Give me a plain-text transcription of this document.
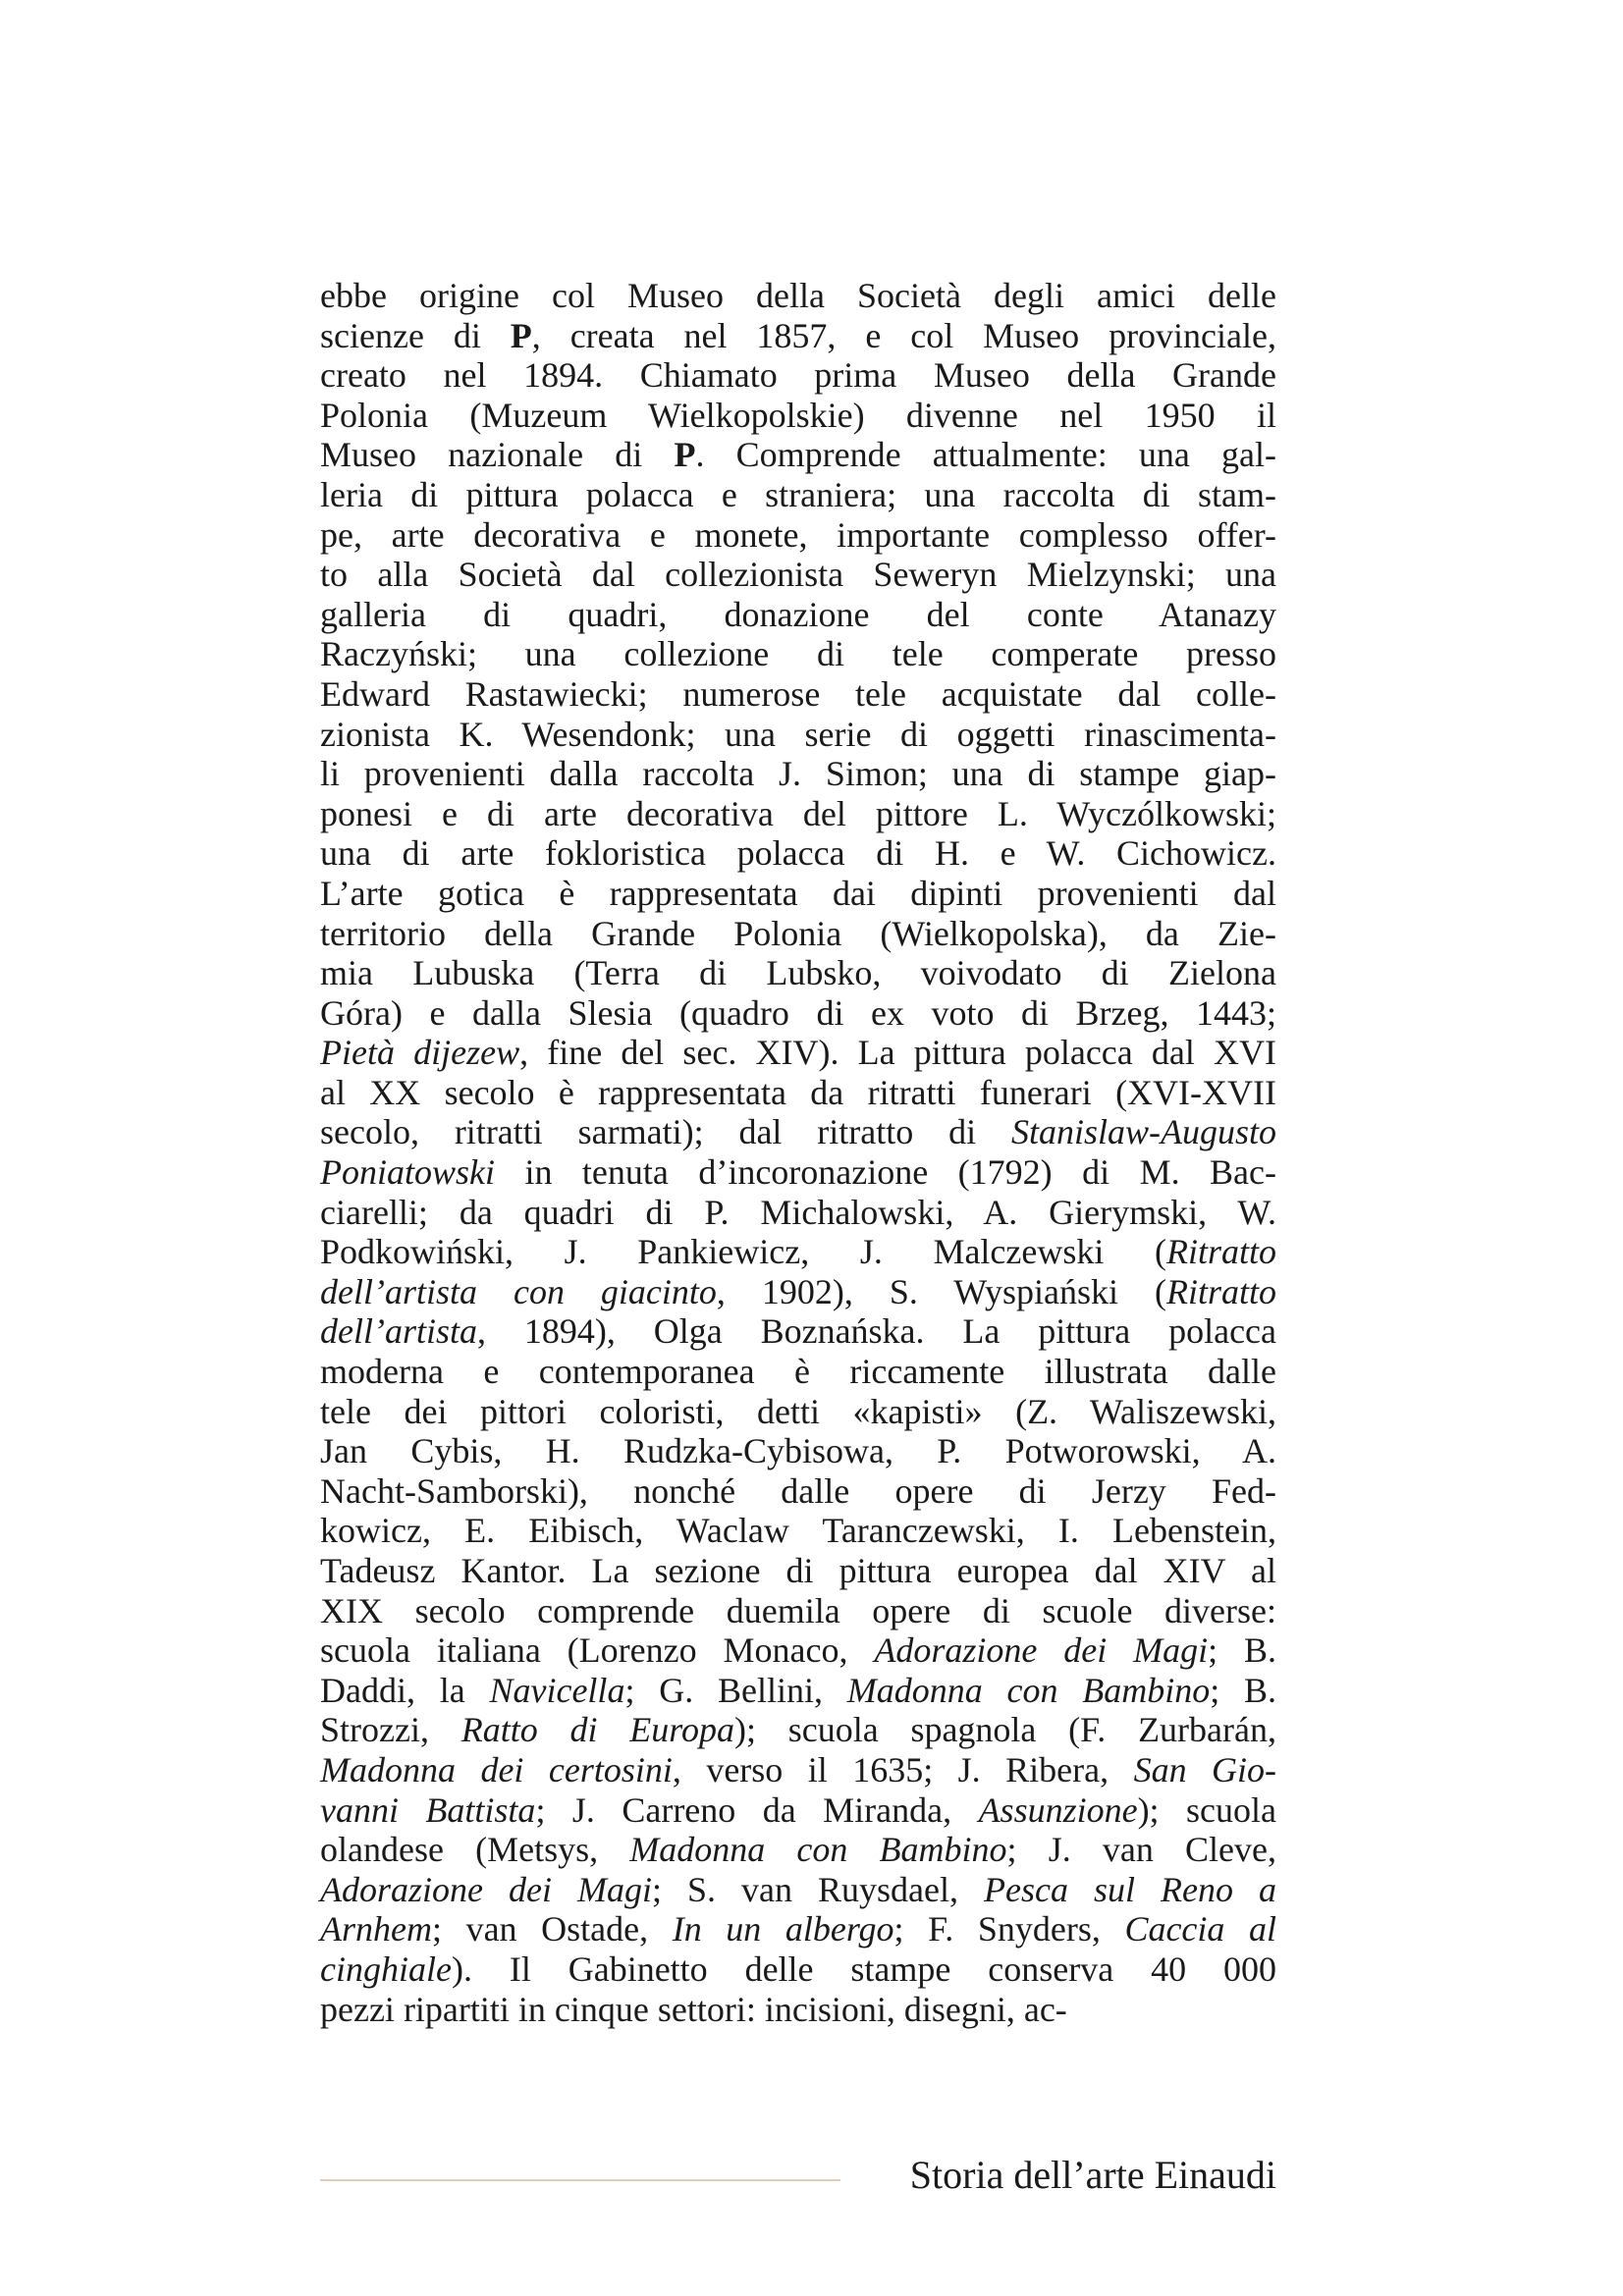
ebbe origine col Museo della Società degli amici delle
scienze di P, creata nel 1857, e col Museo provinciale,
creato nel 1894. Chiamato prima Museo della Grande
Polonia (Muzeum Wielkopolskie) divenne nel 1950 il
Museo nazionale di P. Comprende attualmente: una gal-
leria di pittura polacca e straniera; una raccolta di stam-
pe, arte decorativa e monete, importante complesso offer-
to alla Società dal collezionista Seweryn Mielzynski; una
galleria di quadri, donazione del conte Atanazy
Raczyński; una collezione di tele comperate presso
Edward Rastawiecki; numerose tele acquistate dal colle-
zionista K. Wesendonk; una serie di oggetti rinascimenta-
li provenienti dalla raccolta J. Simon; una di stampe giap-
ponesi e di arte decorativa del pittore L. Wyczólkowski;
una di arte fokloristica polacca di H. e W. Cichowicz.
L’arte gotica è rappresentata dai dipinti provenienti dal
territorio della Grande Polonia (Wielkopolska), da Zie-
mia Lubuska (Terra di Lubsko, voivodato di Zielona
Góra) e dalla Slesia (quadro di ex voto di Brzeg, 1443;
Pietà dijezew, fine del sec. XIV). La pittura polacca dal XVI
al XX secolo è rappresentata da ritratti funerari (XVI-XVII
secolo, ritratti sarmati); dal ritratto di Stanislaw-Augusto
Poniatowski in tenuta d’incoronazione (1792) di M. Bac-
ciarelli; da quadri di P. Michalowski, A. Gierymski, W.
Podkowiński, J. Pankiewicz, J. Malczewski (Ritratto
dell’artista con giacinto, 1902), S. Wyspiański (Ritratto
dell’artista, 1894), Olga Boznańska. La pittura polacca
moderna e contemporanea è riccamente illustrata dalle
tele dei pittori coloristi, detti «kapisti» (Z. Waliszewski,
Jan Cybis, H. Rudzka-Cybisowa, P. Potworowski, A.
Nacht-Samborski), nonché dalle opere di Jerzy Fed-
kowicz, E. Eibisch, Waclaw Taranczewski, I. Lebenstein,
Tadeusz Kantor. La sezione di pittura europea dal XIV al
XIX secolo comprende duemila opere di scuole diverse:
scuola italiana (Lorenzo Monaco, Adorazione dei Magi; B.
Daddi, la Navicella; G. Bellini, Madonna con Bambino; B.
Strozzi, Ratto di Europa); scuola spagnola (F. Zurbarán,
Madonna dei certosini, verso il 1635; J. Ribera, San Gio-
vanni Battista; J. Carreno da Miranda, Assunzione); scuola
olandese (Metsys, Madonna con Bambino; J. van Cleve,
Adorazione dei Magi; S. van Ruysdael, Pesca sul Reno a
Arnhem; van Ostade, In un albergo; F. Snyders, Caccia al
cinghiale). Il Gabinetto delle stampe conserva 40 000
pezzi ripartiti in cinque settori: incisioni, disegni, ac-
Storia dell’arte Einaudi
